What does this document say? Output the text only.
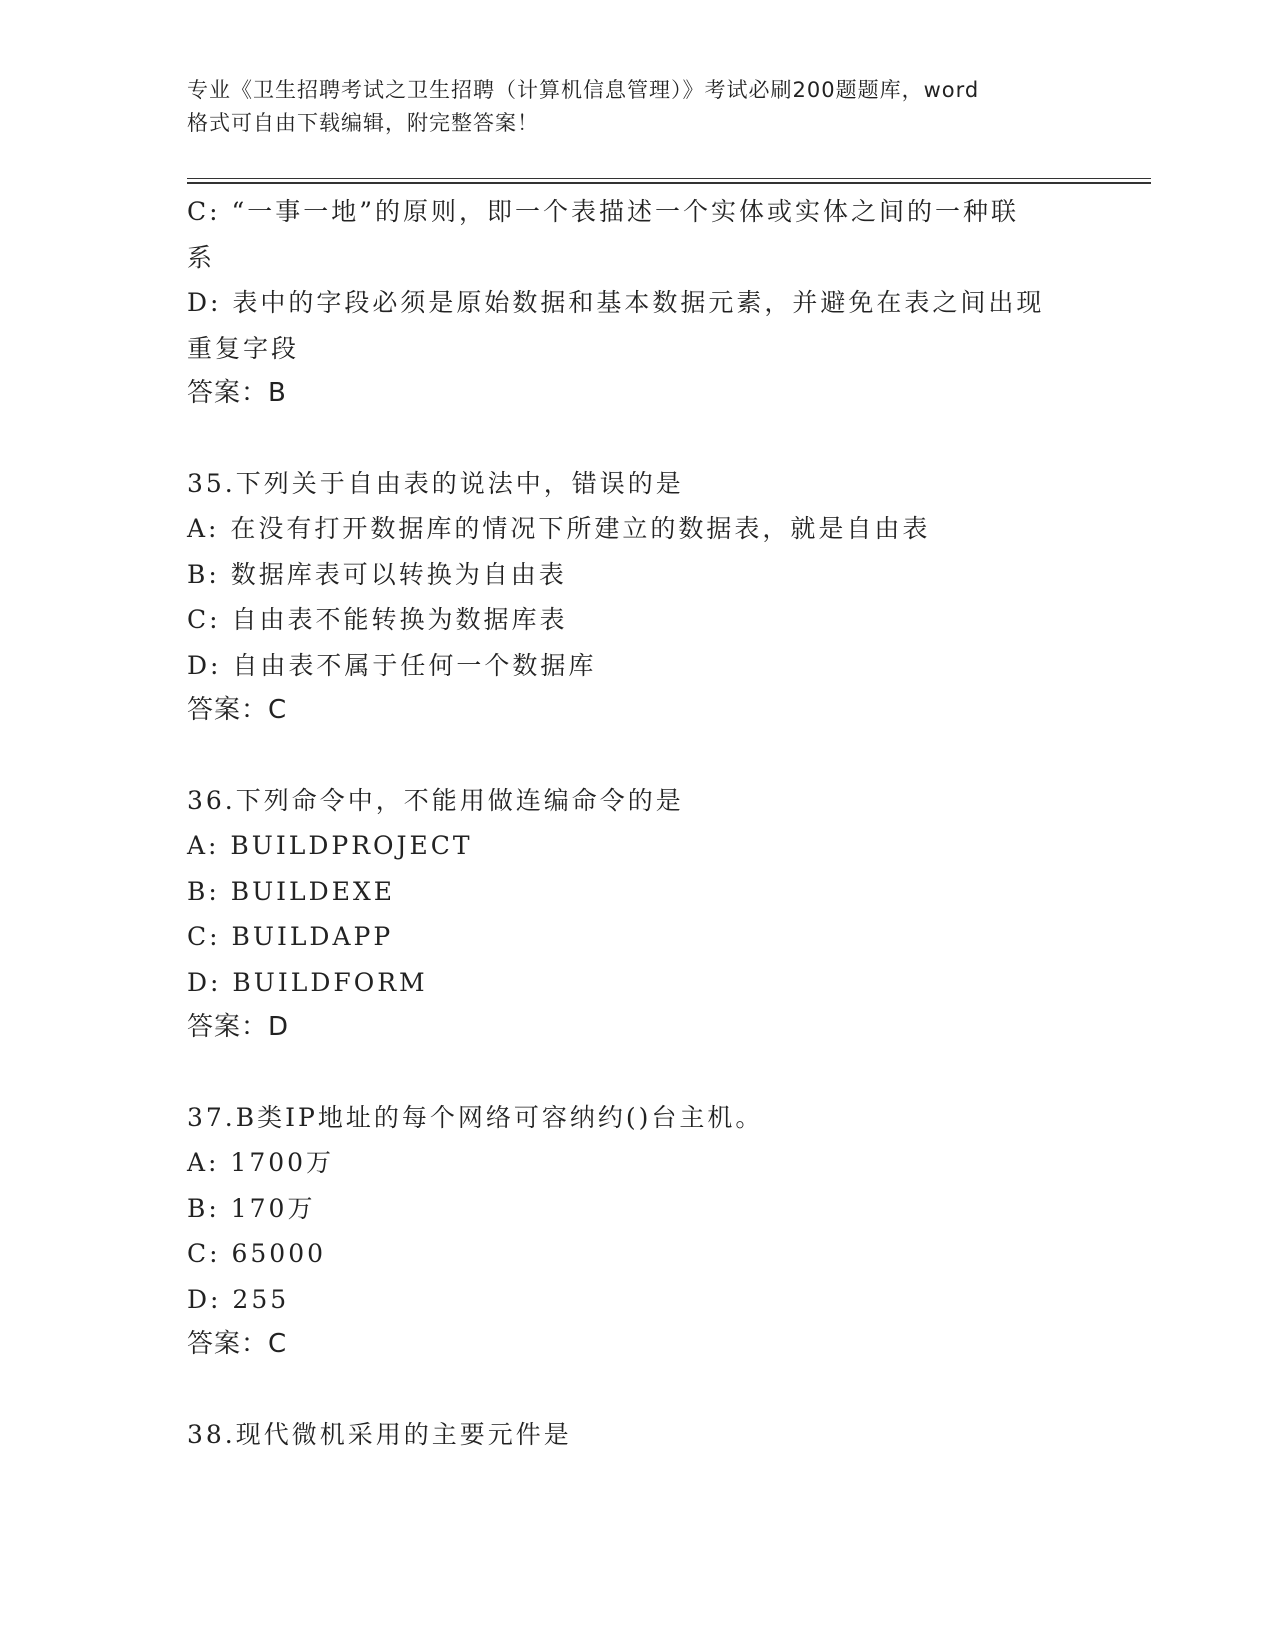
专业《卫生招聘考试之卫生招聘（计算机信息管理）》考试必刷200题题库，word
格式可自由下载编辑，附完整答案！
C: “一事一地”的原则，即一个表描述一个实体或实体之间的一种联
系
D: 表中的字段必须是原始数据和基本数据元素，并避免在表之间出现
重复字段
答案：B
35.下列关于自由表的说法中，错误的是
A: 在没有打开数据库的情况下所建立的数据表，就是自由表
B: 数据库表可以转换为自由表
C: 自由表不能转换为数据库表
D: 自由表不属于任何一个数据库
答案：C
36.下列命令中，不能用做连编命令的是
A: BUILDPROJECT
B: BUILDEXE
C: BUILDAPP
D: BUILDFORM
答案：D
37.B类IP地址的每个网络可容纳约()台主机。
A: 1700万
B: 170万
C: 65000
D: 255
答案：C
38.现代微机采用的主要元件是
